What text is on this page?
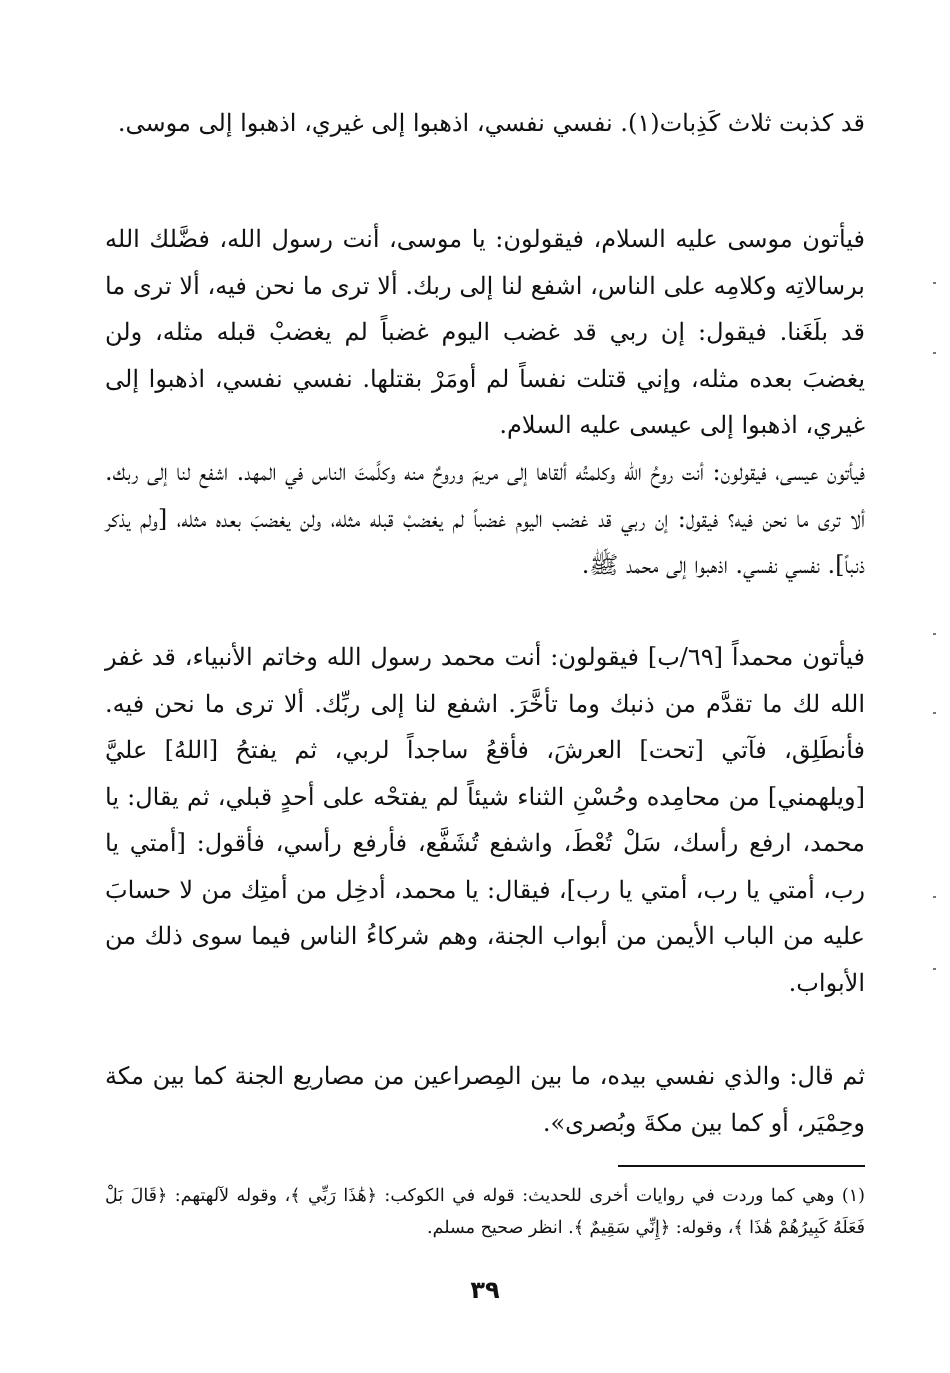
قد كذبت ثلاث كَذِبات(١). نفسي نفسي، اذهبوا إلى غيري، اذهبوا إلى موسى.

فيأتون موسى عليه السلام، فيقولون: يا موسى، أنت رسول الله، فضَّلك الله برسالاتِه وكلامِه على الناس، اشفع لنا إلى ربك. ألا ترى ما نحن فيه، ألا ترى ما قد بلَغَنا. فيقول: إن ربي قد غضب اليوم غضباً لم يغضبْ قبله مثله، ولن يغضبَ بعده مثله، وإني قتلت نفساً لم أومَرْ بقتلها. نفسي نفسي، اذهبوا إلى غيري، اذهبوا إلى عيسى عليه السلام.

فيأتون عيسى، فيقولون: أنت روحُ الله وكلمتُه ألقاها إلى مريمَ وروحٌ منه وكلَّمتَ الناس في المهد. اشفع لنا إلى ربك. ألا ترى ما نحن فيه؟ فيقول: إن ربي قد غضب اليوم غضباً لم يغضبْ قبله مثله، ولن يغضبَ بعده مثله، [ولم يذكر ذنباً]. نفسي نفسي. اذهبوا إلى محمد ﷺ.

فيأتون محمداً [٦٩/ب] فيقولون: أنت محمد رسول الله وخاتم الأنبياء، قد غفر الله لك ما تقدَّم من ذنبك وما تأخَّرَ. اشفع لنا إلى ربِّك. ألا ترى ما نحن فيه. فأنطَلِق، فآتي [تحت] العرشَ، فأقعُ ساجداً لربي، ثم يفتحُ [اللهُ] عليَّ [ويلهمني] من محامِده وحُسْنِ الثناء شيئاً لم يفتحْه على أحدٍ قبلي، ثم يقال: يا محمد، ارفع رأسك، سَلْ تُعْطَ، واشفع تُشَفَّع، فأرفع رأسي، فأقول: [أمتي يا رب، أمتي يا رب، أمتي يا رب]، فيقال: يا محمد، أدخِل من أمتِك من لا حسابَ عليه من الباب الأيمن من أبواب الجنة، وهم شركاءُ الناس فيما سوى ذلك من الأبواب.

ثم قال: والذي نفسي بيده، ما بين المِصراعين من مصاريع الجنة كما بين مكة وحِمْيَر، أو كما بين مكةَ وبُصرى».

(١) وهي كما وردت في روايات أخرى للحديث: قوله في الكوكب: ﴿هَٰذَا رَبِّي ﴾، وقوله لآلهتهم: ﴿قَالَ بَلْ فَعَلَهُ كَبِيرُهُمْ هَٰذَا ﴾، وقوله: ﴿إِنِّي سَقِيمٌ ﴾. انظر صحيح مسلم.

٣٩
